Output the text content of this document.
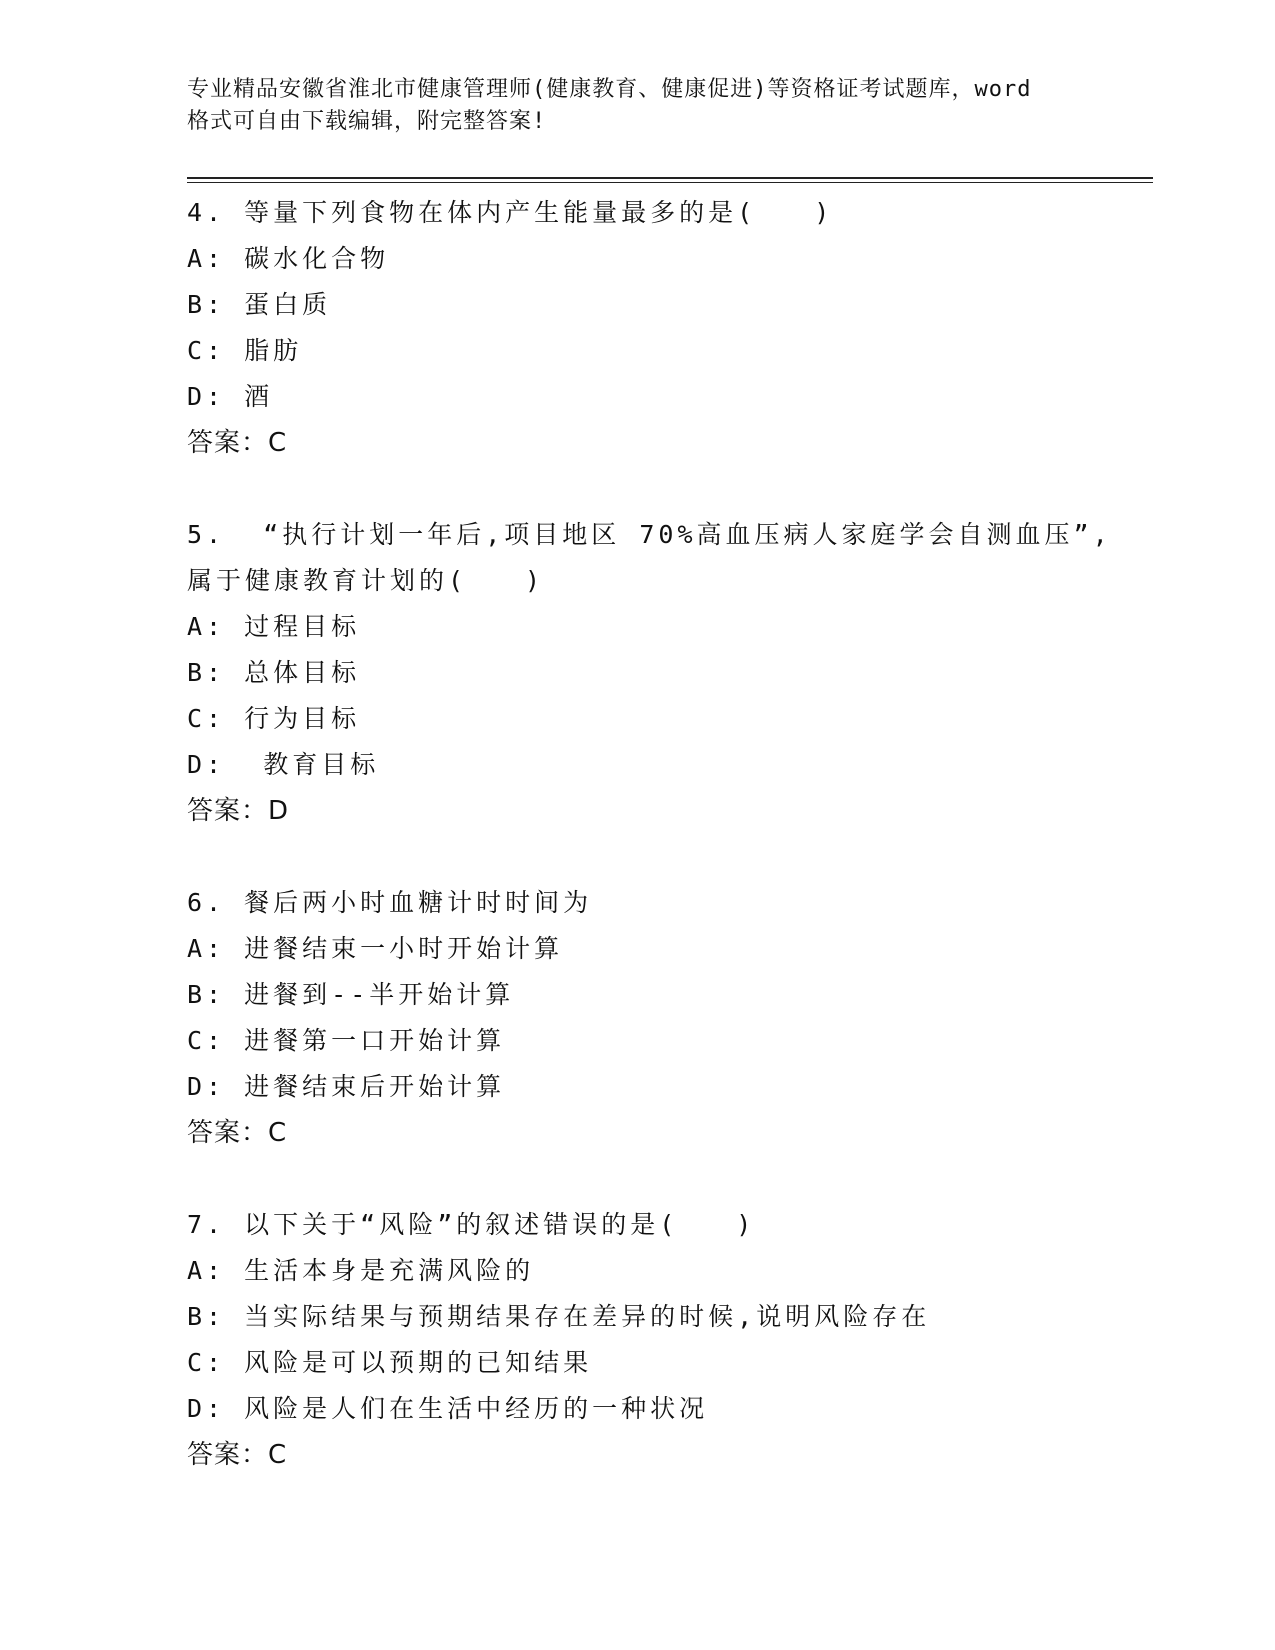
专业精品安徽省淮北市健康管理师(健康教育、健康促进)等资格证考试题库，word
格式可自由下载编辑，附完整答案!
4. 等量下列食物在体内产生能量最多的是(　　)
A: 碳水化合物
B: 蛋白质
C: 脂肪
D: 酒
答案：C
5.  “执行计划一年后,项目地区 70%高血压病人家庭学会自测血压”,
属于健康教育计划的(　　)
A: 过程目标
B: 总体目标
C: 行为目标
D:  教育目标
答案：D
6. 餐后两小时血糖计时时间为
A: 进餐结束一小时开始计算
B: 进餐到--半开始计算
C: 进餐第一口开始计算
D: 进餐结束后开始计算
答案：C
7. 以下关于“风险”的叙述错误的是(　　)
A: 生活本身是充满风险的
B: 当实际结果与预期结果存在差异的时候,说明风险存在
C: 风险是可以预期的已知结果
D: 风险是人们在生活中经历的一种状况
答案：C
